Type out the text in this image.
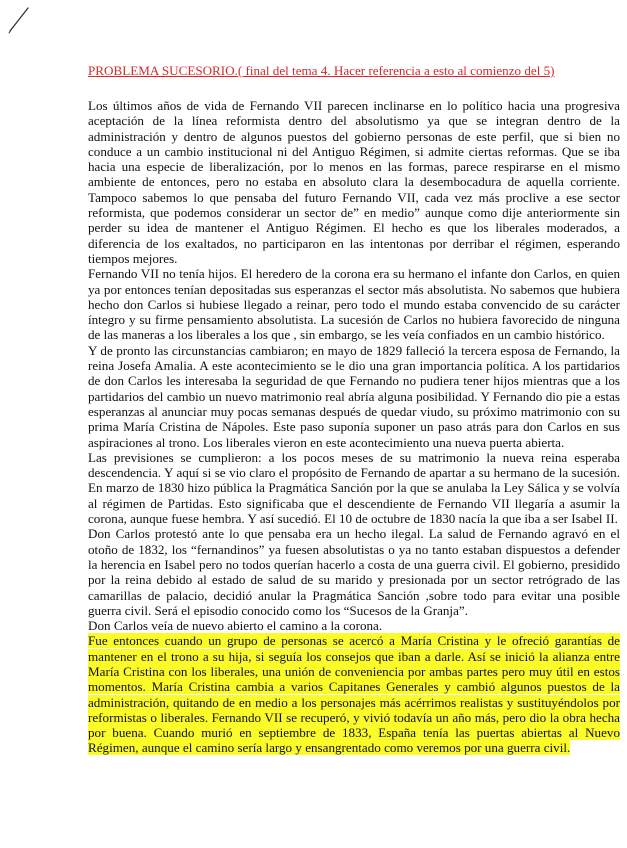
PROBLEMA SUCESORIO.( final del tema 4. Hacer referencia a esto al comienzo del 5)

Los últimos años de vida de Fernando VII parecen inclinarse en lo político hacia una progresiva aceptación de la línea reformista dentro del absolutismo ya que se integran dentro de la administración y dentro de algunos puestos del gobierno personas de este perfil, que si bien no conduce a un cambio institucional ni del Antiguo Régimen, si admite ciertas reformas. Que se iba hacia una especie de liberalización, por lo menos en las formas, parece respirarse en el mismo ambiente de entonces, pero no estaba en absoluto clara la desembocadura de aquella corriente. Tampoco sabemos lo que pensaba del futuro Fernando VII, cada vez más proclive a ese sector reformista, que podemos considerar un sector de” en medio” aunque como dije anteriormente sin perder su idea de mantener el Antiguo Régimen. El hecho es que los liberales moderados, a diferencia de los exaltados, no participaron en las intentonas por derribar el régimen, esperando tiempos mejores.

Fernando VII no tenía hijos. El heredero de la corona era su hermano el infante don Carlos, en quien ya por entonces tenían depositadas sus esperanzas el sector más absolutista. No sabemos que hubiera hecho don Carlos si hubiese llegado a reinar, pero todo el mundo estaba convencido de su carácter íntegro y su firme pensamiento absolutista. La sucesión de Carlos no hubiera favorecido de ninguna de las maneras a los liberales a los que , sin embargo, se les veía confiados en un cambio histórico.

Y de pronto las circunstancias cambiaron; en mayo de 1829 falleció la tercera esposa de Fernando, la reina Josefa Amalia. A este acontecimiento se le dio una gran importancia política. A los partidarios de don Carlos les interesaba la seguridad de que Fernando no pudiera tener hijos mientras que a los partidarios del cambio un nuevo matrimonio real abría alguna posibilidad. Y Fernando dio pie a estas esperanzas al anunciar muy pocas semanas después de quedar viudo, su próximo matrimonio con su prima María Cristina de Nápoles. Este paso suponía suponer un paso atrás para don Carlos en sus aspiraciones al trono. Los liberales vieron en este acontecimiento una nueva puerta abierta.

Las previsiones se cumplieron: a los pocos meses de su matrimonio la nueva reina esperaba descendencia. Y aquí si se vio claro el propósito de Fernando de apartar a su hermano de la sucesión. En marzo de 1830 hizo pública la Pragmática Sanción por la que se anulaba la Ley Sálica y se volvía al régimen de Partidas. Esto significaba que el descendiente de Fernando VII llegaría a asumir la corona, aunque fuese hembra. Y así sucedió. El 10 de octubre de 1830 nacía la que iba a ser Isabel II.

Don Carlos protestó ante lo que pensaba era un hecho ilegal. La salud de Fernando agravó en el otoño de 1832, los “fernandinos” ya fuesen absolutistas o ya no tanto estaban dispuestos a defender la herencia en Isabel pero no todos querían hacerlo a costa de una guerra civil. El gobierno, presidido por la reina debido al estado de salud de su marido y presionada por un sector retrógrado de las camarillas de palacio, decidió anular la Pragmática Sanción ,sobre todo para evitar una posible guerra civil. Será el episodio conocido como los “Sucesos de la Granja”.

Don Carlos veía de nuevo abierto el camino a la corona.

Fue entonces cuando un grupo de personas se acercó a María Cristina y le ofreció garantías de mantener en el trono a su hija, si seguía los consejos que iban a darle. Así se inició la alianza entre María Cristina con los liberales, una unión de conveniencia por ambas partes pero muy útil en estos momentos. María Cristina cambia a varios Capitanes Generales y cambió algunos puestos de la administración, quitando de en medio a los personajes más acérrimos realistas y sustituyéndolos por reformistas o liberales. Fernando VII se recuperó, y vivió todavía un año más, pero dio la obra hecha por buena. Cuando murió en septiembre de 1833, España tenía las puertas abiertas al Nuevo Régimen, aunque el camino sería largo y ensangrentado como veremos por una guerra civil.
